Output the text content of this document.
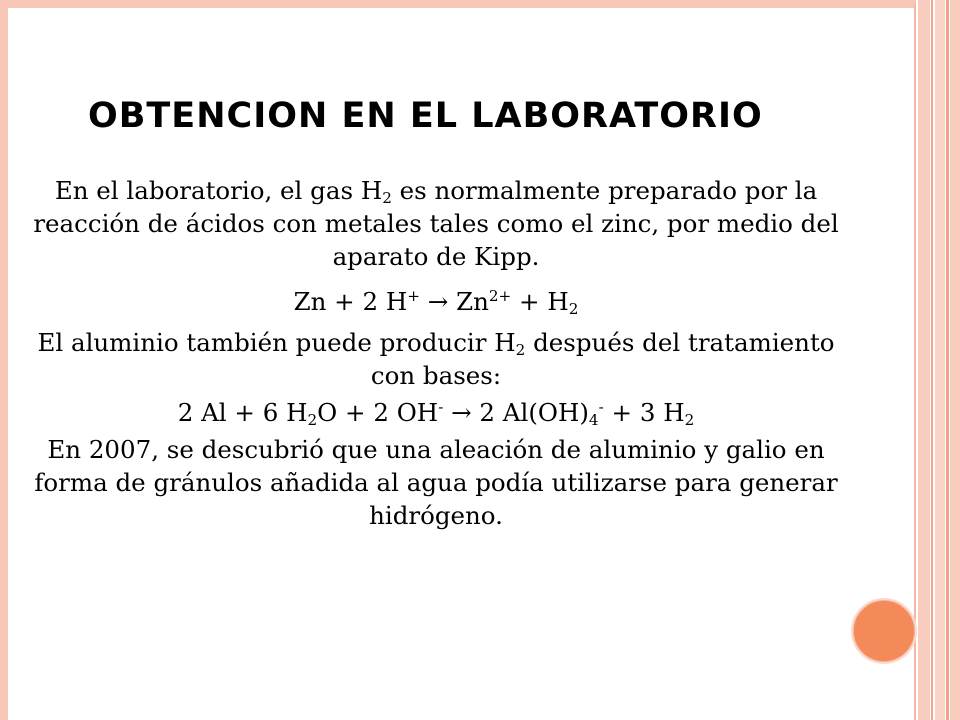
OBTENCION EN EL LABORATORIO

En el laboratorio, el gas $H_2$ es normalmente preparado por la reacción de ácidos con metales tales como el zinc, por medio del aparato de Kipp.

Zn + 2 $H^+ \to Zn^{2+} + H_2$

El aluminio también puede producir $H_2$ después del tratamiento con bases:

2 Al + 6 $H_2O + 2$ OH- → 2 $Al(OH)_4^- + 3$ $H_2$

En 2007, se descubrió que una aleación de aluminio y galio en forma de gránulos añadida al agua podía utilizarse para generar hidrógeno.
